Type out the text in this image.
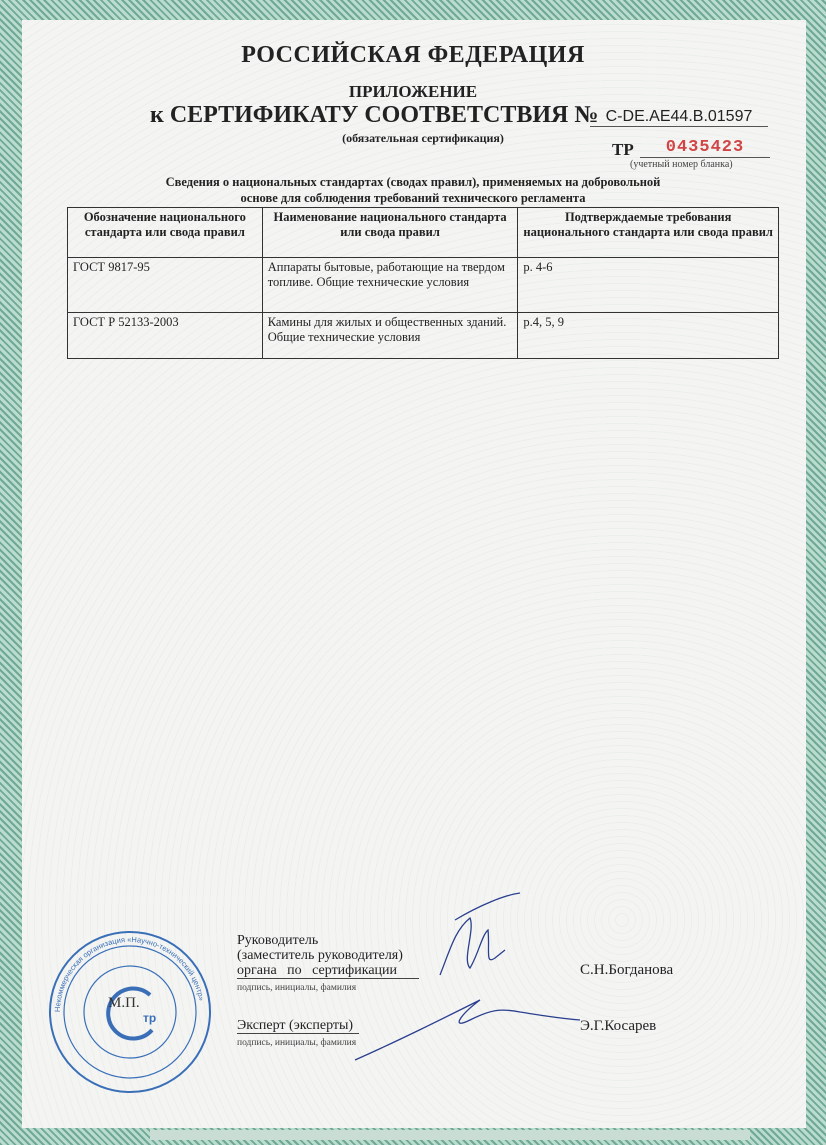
РОССИЙСКАЯ ФЕДЕРАЦИЯ
ПРИЛОЖЕНИЕ
к СЕРТИФИКАТУ СООТВЕТСТВИЯ № С-DE.АЕ44.В.01597
(обязательная сертификация)
ТР	0435423
(учетный номер бланка)
Сведения о национальных стандартах (сводах правил), применяемых на добровольной
основе для соблюдения требований технического регламента
Обозначение национального стандарта или свода правил	Наименование национального стандарта или свода правил	Подтверждаемые требования национального стандарта или свода правил
ГОСТ 9817-95	Аппараты бытовые, работающие на твердом топливе. Общие технические условия	р. 4-6
ГОСТ Р 52133-2003	Камины для жилых и общественных зданий. Общие технические условия	р.4, 5, 9
Руководитель
(заместитель руководителя)
органа   по   сертификации
подпись, инициалы, фамилия
С.Н.Богданова
Эксперт (эксперты)
подпись, инициалы, фамилия
Э.Г.Косарев
тр
Некоммерческая организация «Научно-технический центр»
М.П.
